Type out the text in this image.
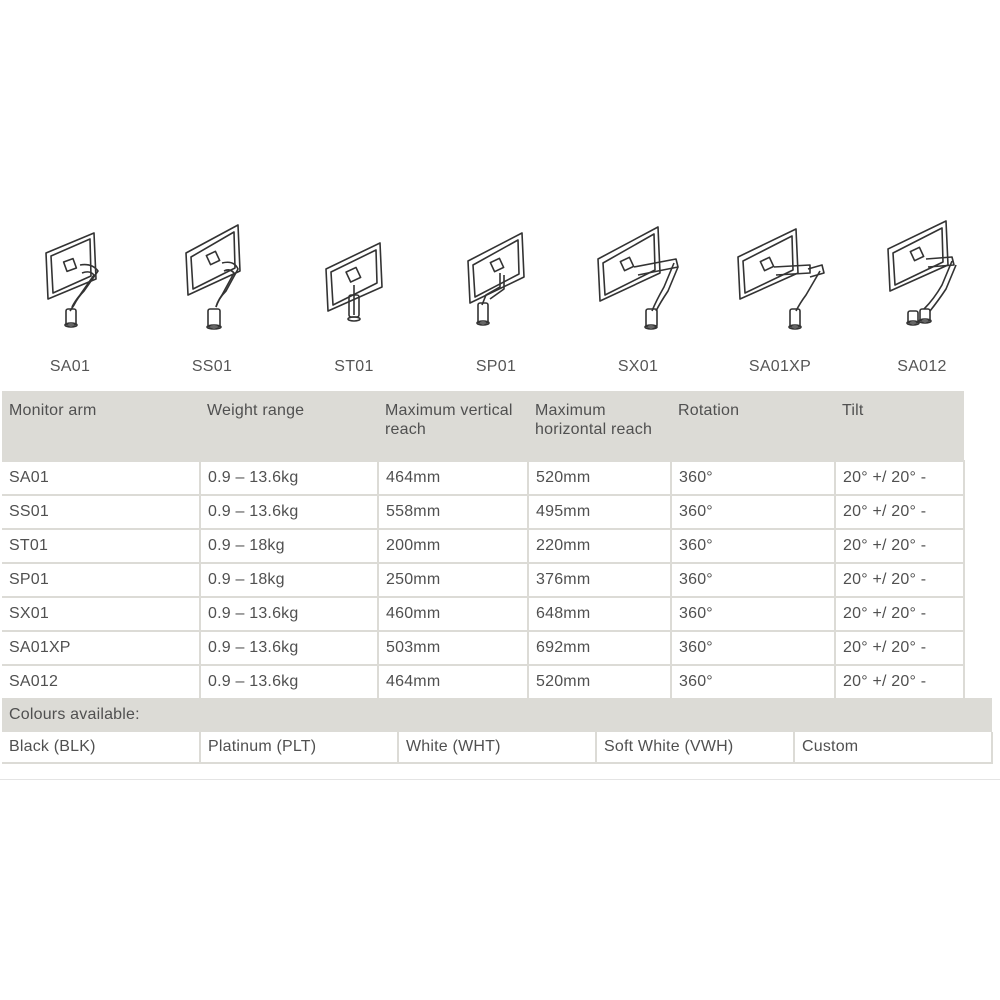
SA01	SS01	ST01	SP01	SX01	SA01XP	SA012
Monitor arm	Weight range	Maximum vertical reach	Maximum horizontal reach	Rotation	Tilt
SA01	0.9 – 13.6kg	464mm	520mm	360°	20° +/ 20° -
SS01	0.9 – 13.6kg	558mm	495mm	360°	20° +/ 20° -
ST01	0.9 – 18kg	200mm	220mm	360°	20° +/ 20° -
SP01	0.9 – 18kg	250mm	376mm	360°	20° +/ 20° -
SX01	0.9 – 13.6kg	460mm	648mm	360°	20° +/ 20° -
SA01XP	0.9 – 13.6kg	503mm	692mm	360°	20° +/ 20° -
SA012	0.9 – 13.6kg	464mm	520mm	360°	20° +/ 20° -
Colours available:
Black (BLK)	Platinum (PLT)	White (WHT)	Soft White (VWH)	Custom
